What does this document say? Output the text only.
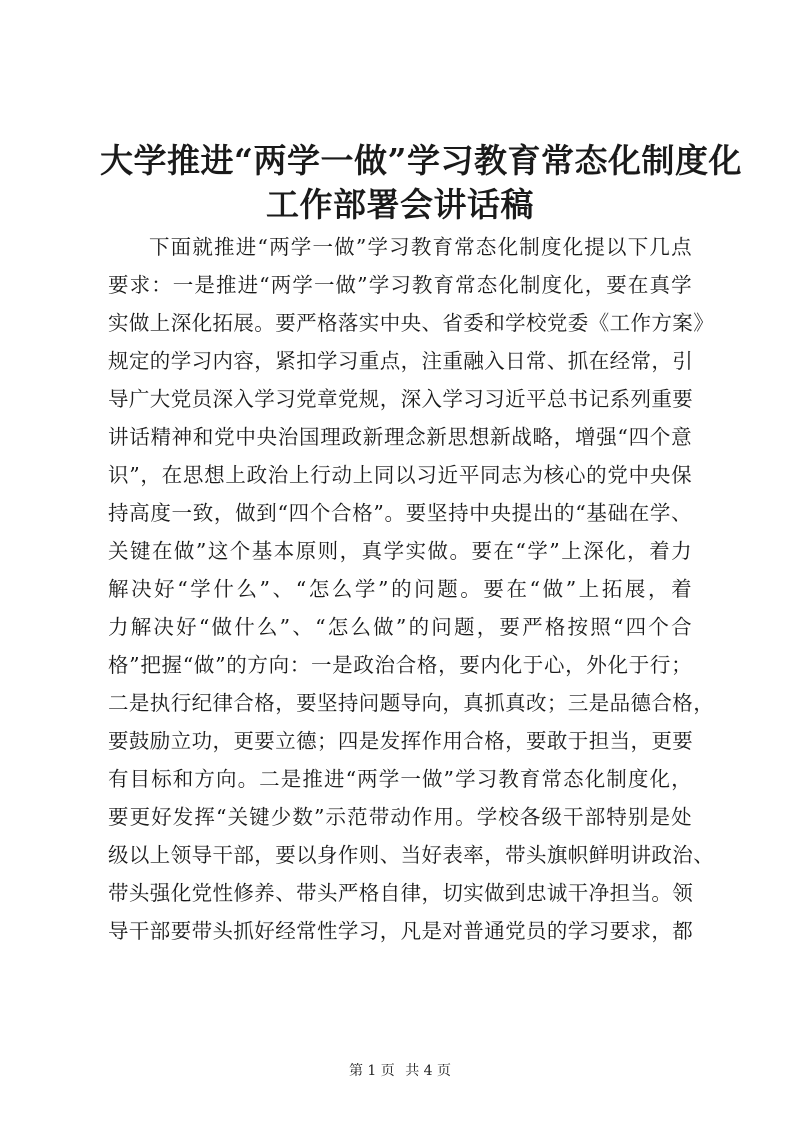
大学推进“两学一做”学习教育常态化制度化
工作部署会讲话稿

下面就推进“两学一做”学习教育常态化制度化提以下几点

要求：一是推进“两学一做”学习教育常态化制度化，要在真学

实做上深化拓展。要严格落实中央、省委和学校党委《工作方案》

规定的学习内容，紧扣学习重点，注重融入日常、抓在经常，引

导广大党员深入学习党章党规，深入学习习近平总书记系列重要

讲话精神和党中央治国理政新理念新思想新战略，增强“四个意

识”，在思想上政治上行动上同以习近平同志为核心的党中央保

持高度一致，做到“四个合格”。要坚持中央提出的“基础在学、

关键在做”这个基本原则，真学实做。要在“学”上深化，着力

解决好“学什么”、“怎么学”的问题。要在“做”上拓展，着

力解决好“做什么”、“怎么做”的问题，要严格按照“四个合

格”把握“做”的方向：一是政治合格，要内化于心，外化于行；

二是执行纪律合格，要坚持问题导向，真抓真改；三是品德合格，

要鼓励立功，更要立德；四是发挥作用合格，要敢于担当，更要

有目标和方向。二是推进“两学一做”学习教育常态化制度化，

要更好发挥“关键少数”示范带动作用。学校各级干部特别是处

级以上领导干部，要以身作则、当好表率，带头旗帜鲜明讲政治、

带头强化党性修养、带头严格自律，切实做到忠诚干净担当。领

导干部要带头抓好经常性学习，凡是对普通党员的学习要求，都

第 1 页 共 4 页
